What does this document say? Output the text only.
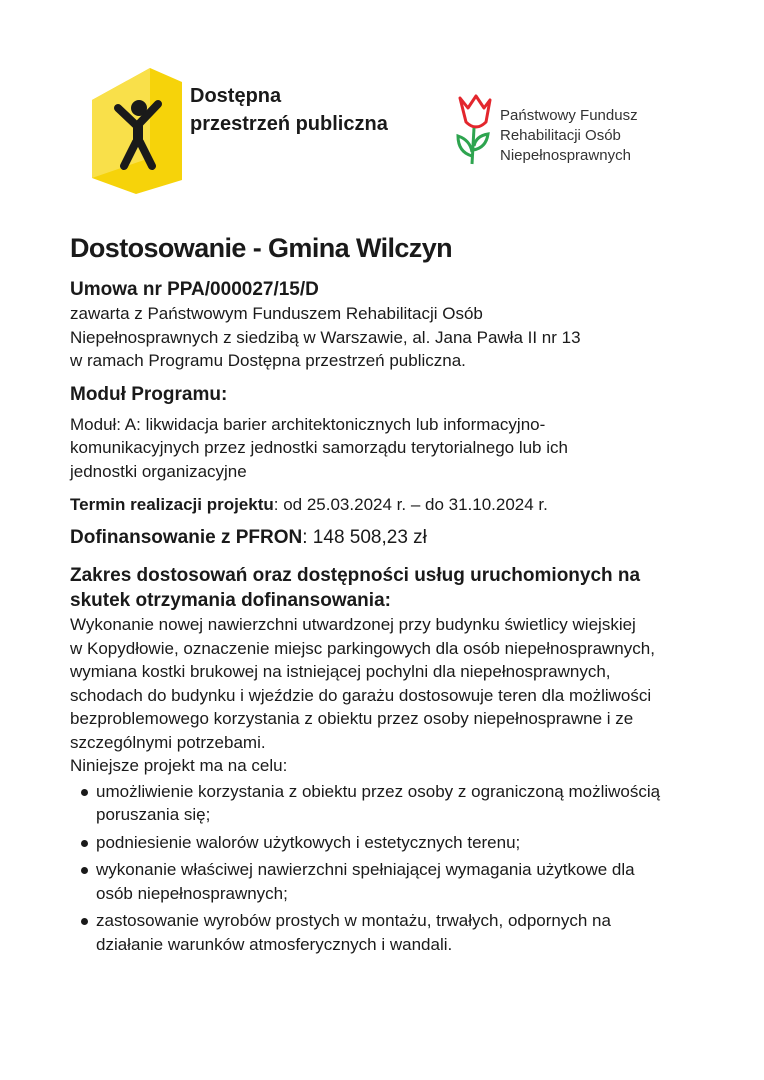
Dostępna
przestrzeń publiczna	Państwowy Fundusz
Rehabilitacji Osób
Niepełnosprawnych
Dostosowanie - Gmina Wilczyn
Umowa nr PPA/000027/15/D

zawarta z Państwowym Funduszem Rehabilitacji Osób

Niepełnosprawnych z siedzibą w Warszawie, al. Jana Pawła II nr 13

w ramach Programu Dostępna przestrzeń publiczna.

Moduł Programu:

Moduł: A: likwidacja barier architektonicznych lub informacyjno-

komunikacyjnych przez jednostki samorządu terytorialnego lub ich

jednostki organizacyjne

Termin realizacji projektu: od 25.03.2024 r. – do 31.10.2024 r.
Dofinansowanie z PFRON: 148 508,23 zł
Zakres dostosowań oraz dostępności usług uruchomionych na
skutek otrzymania dofinansowania:

Wykonanie nowej nawierzchni utwardzonej przy budynku świetlicy wiejskiej

w Kopydłowie, oznaczenie miejsc parkingowych dla osób niepełnosprawnych,

wymiana kostki brukowej na istniejącej pochylni dla niepełnosprawnych,

schodach do budynku i wjeździe do garażu dostosowuje teren dla możliwości

bezproblemowego korzystania z obiektu przez osoby niepełnosprawne i ze

szczególnymi potrzebami.

Niniejsze projekt ma na celu:

umożliwienie korzystania z obiektu przez osoby z ograniczoną możliwością
poruszania się;
podniesienie walorów użytkowych i estetycznych terenu;
wykonanie właściwej nawierzchni spełniającej wymagania użytkowe dla
osób niepełnosprawnych;
zastosowanie wyrobów prostych w montażu, trwałych, odpornych na
działanie warunków atmosferycznych i wandali.
